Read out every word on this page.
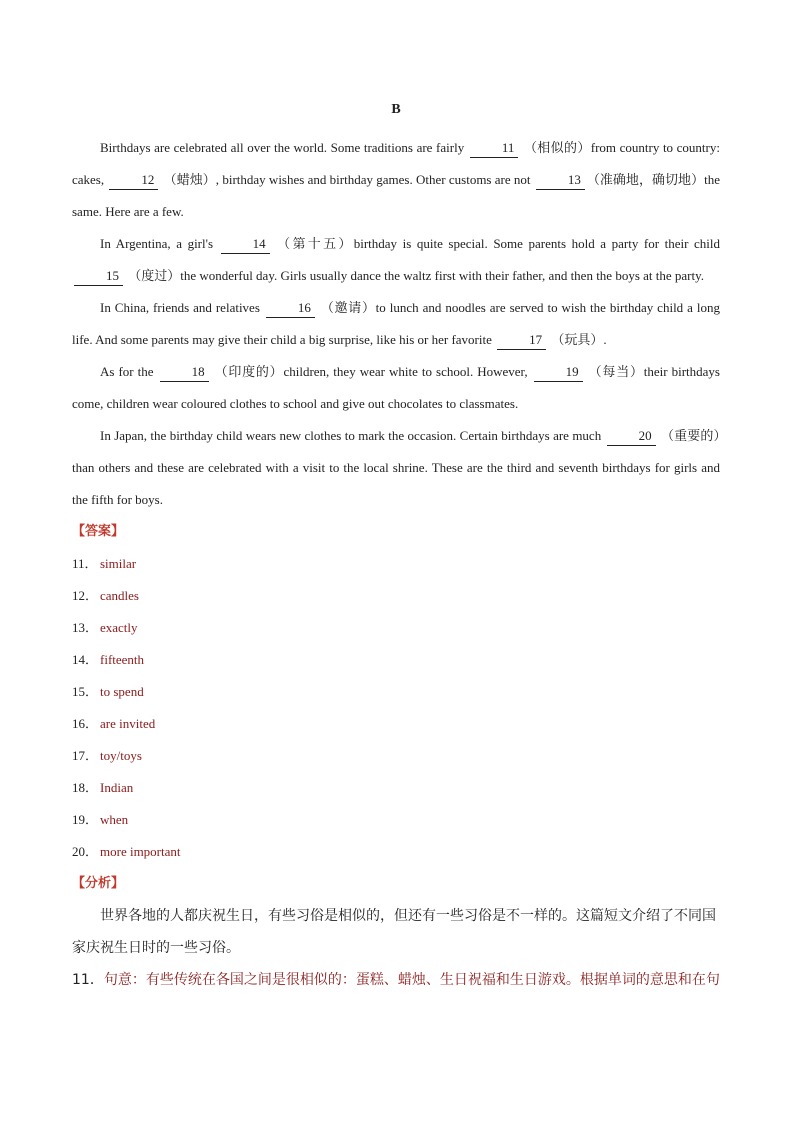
B

Birthdays are celebrated all over the world. Some traditions are fairly	11 （相似的）from country to country: cakes,	12 （蜡烛）, birthday wishes and birthday games. Other customs are not	13 （准确地，确切地）the same. Here are a few.

In Argentina, a girl's	14 （第十五）birthday is quite special. Some parents hold a party for their child 15 （度过）the wonderful day. Girls usually dance the waltz first with their father, and then the boys at the party.

In China, friends and relatives	16 （邀请）to lunch and noodles are served to wish the birthday child a long life. And some parents may give their child a big surprise, like his or her favorite	17 （玩具）.

As for the	18 （印度的）children, they wear white to school. However,	19 （每当）their birthdays come, children wear coloured clothes to school and give out chocolates to classmates.

In Japan, the birthday child wears new clothes to mark the occasion. Certain birthdays are much	20 （重要的）than others and these are celebrated with a visit to the local shrine. These are the third and seventh birthdays for girls and the fifth for boys.

【答案】

11． similar
12． candles
13． exactly
14． fifteenth
15． to spend
16． are invited
17． toy/toys
18． Indian
19． when
20． more important

【分析】

世界各地的人都庆祝生日，有些习俗是相似的，但还有一些习俗是不一样的。这篇短文介绍了不同国家庆祝生日时的一些习俗。

11．句意：有些传统在各国之间是很相似的：蛋糕、蜡烛、生日祝福和生日游戏。根据单词的意思和在句
